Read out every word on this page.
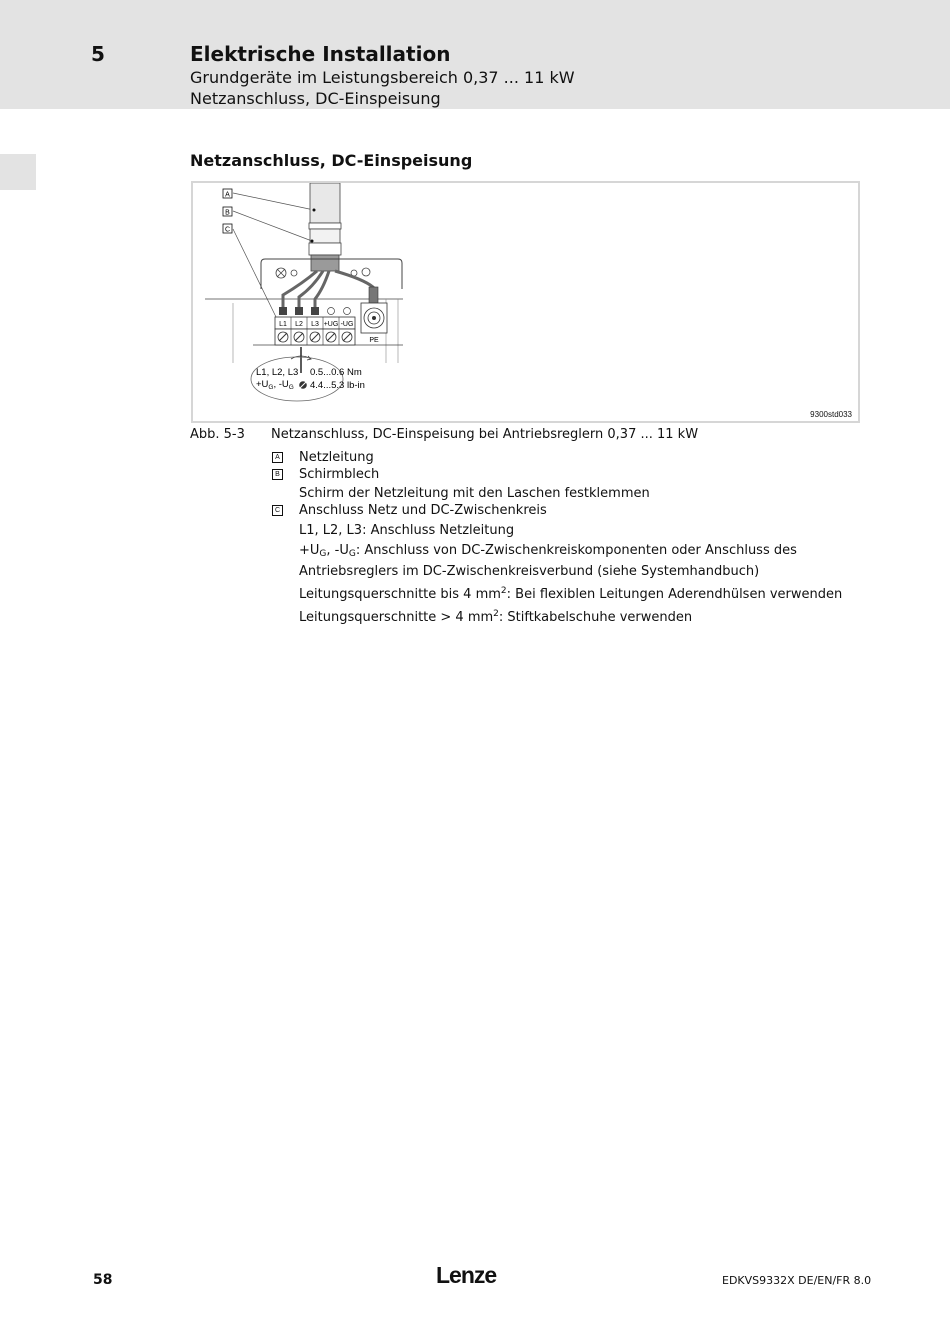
5	Elektrische Installation
Grundgeräte im Leistungsbereich 0,37 ... 11 kW
Netzanschluss, DC-Einspeisung
Netzanschluss, DC-Einspeisung
A
B
C
L1 L2 L3 +UG -UG
PE
L1, L2, L3
$+U_G$, $-U_G$
0.5...0.6 Nm
4.4...5.3 lb-in
9300std033
Abb. 5-3 Netzanschluss, DC-Einspeisung bei Antriebsreglern 0,37 ... 11 kW
A Netzleitung
B Schirmblech
Schirm der Netzleitung mit den Laschen festklemmen
C Anschluss Netz und DC-Zwischenkreis
L1, L2, L3: Anschluss Netzleitung
$+U_G$, $-U_G$: Anschluss von DC-Zwischenkreiskomponenten oder Anschluss des Antriebsreglers im DC-Zwischenkreisverbund (siehe Systemhandbuch)
Leitungsquerschnitte bis 4 $mm^2$: Bei flexiblen Leitungen Aderendhülsen verwenden
Leitungsquerschnitte > 4 $mm^2$: Stiftkabelschuhe verwenden
58	Lenze	EDKVS9332X DE/EN/FR 8.0
